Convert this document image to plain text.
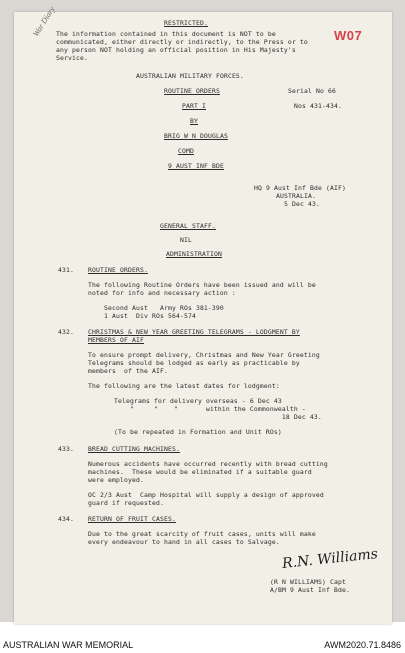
W07
War Diary	RESTRICTED.
The information contained in this document is NOT to be
communicated, either directly or indirectly, to the Press or to
any person NOT holding an official position in His Majesty's
Service.
AUSTRALIAN MILITARY FORCES.
ROUTINE ORDERS	Serial No 66
PART I	Nos 431-434.
BY
BRIG W N DOUGLAS
COMD
9 AUST INF BDE
HQ 9 Aust Inf Bde (AIF)
AUSTRALIA.
5 Dec 43.
GENERAL STAFF.
NIL
ADMINISTRATION
431. ROUTINE ORDERS.
The following Routine Orders have been issued and will be
noted for info and necessary action :
Second Aust   Army ROs 381-390
1 Aust  Div ROs 564-574
432. CHRISTMAS & NEW YEAR GREETING TELEGRAMS - LODGMENT BY
MEMBERS OF AIF
To ensure prompt delivery, Christmas and New Year Greeting
Telegrams should be lodged as early as practicable by
members  of the AIF.
The following are the latest dates for lodgment:
Telegrams for delivery overseas - 6 Dec 43
"     "    "       within the Commonwealth -
18 Dec 43.
(To be repeated in Formation and Unit ROs)
433. BREAD CUTTING MACHINES.
Numerous accidents have occurred recently with bread cutting
machines.  These would be eliminated if a suitable guard
were employed.
OC 2/3 Aust  Camp Hospital will supply a design of approved
guard if requested.
434. RETURN OF FRUIT CASES.
Due to the great scarcity of fruit cases, units will make
every endeavour to hand in all cases to Salvage.
R.N. Williams
(R N WILLIAMS) Capt
A/BM 9 Aust Inf Bde.
AUSTRALIAN WAR MEMORIAL	AWM2020.71.8486
